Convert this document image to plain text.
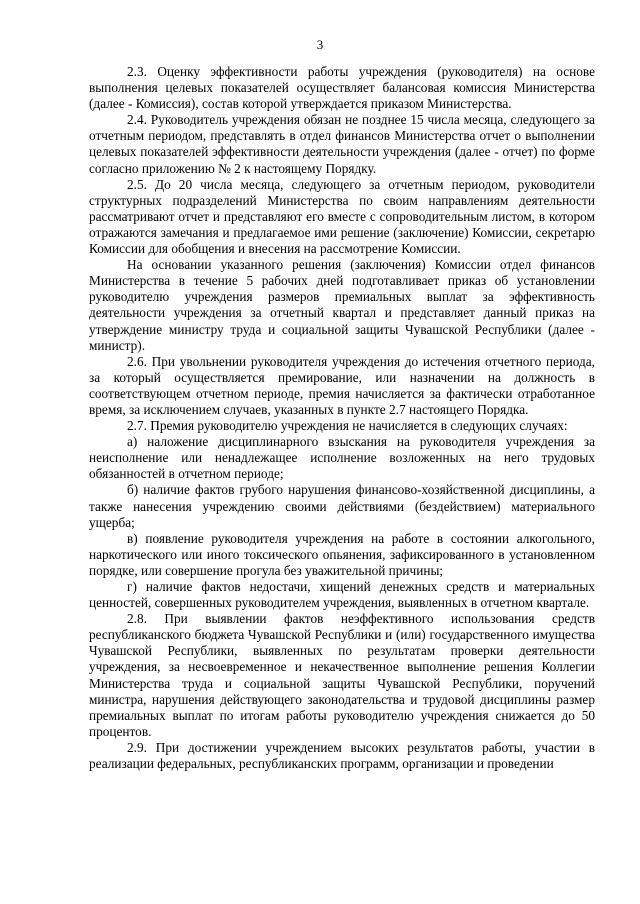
3

2.3. Оценку эффективности работы учреждения (руководителя) на основе выполнения целевых показателей осуществляет балансовая комиссия Министерства (далее - Комиссия), состав которой утверждается приказом Министерства.

2.4. Руководитель учреждения обязан не позднее 15 числа месяца, следующего за отчетным периодом, представлять в отдел финансов Министерства отчет о выполнении целевых показателей эффективности деятельности учреждения (далее - отчет) по форме согласно приложению № 2 к настоящему Порядку.

2.5. До 20 числа месяца, следующего за отчетным периодом, руководители структурных подразделений Министерства по своим направлениям деятельности рассматривают отчет и представляют его вместе с сопроводительным листом, в котором отражаются замечания и предлагаемое ими решение (заключение) Комиссии, секретарю Комиссии для обобщения и внесения на рассмотрение Комиссии.

На основании указанного решения (заключения) Комиссии отдел финансов Министерства в течение 5 рабочих дней подготавливает приказ об установлении руководителю учреждения размеров премиальных выплат за эффективность деятельности учреждения за отчетный квартал и представляет данный приказ на утверждение министру труда и социальной защиты Чувашской Республики (далее - министр).

2.6. При увольнении руководителя учреждения до истечения отчетного периода, за который осуществляется премирование, или назначении на должность в соответствующем отчетном периоде, премия начисляется за фактически отработанное время, за исключением случаев, указанных в пункте 2.7 настоящего Порядка.

2.7. Премия руководителю учреждения не начисляется в следующих случаях:

а) наложение дисциплинарного взыскания на руководителя учреждения за неисполнение или ненадлежащее исполнение возложенных на него трудовых обязанностей в отчетном периоде;

б) наличие фактов грубого нарушения финансово-хозяйственной дисциплины, а также нанесения учреждению своими действиями (бездействием) материального ущерба;

в) появление руководителя учреждения на работе в состоянии алкогольного, наркотического или иного токсического опьянения, зафиксированного в установленном порядке, или совершение прогула без уважительной причины;

г) наличие фактов недостачи, хищений денежных средств и материальных ценностей, совершенных руководителем учреждения, выявленных в отчетном квартале.

2.8. При выявлении фактов неэффективного использования средств республиканского бюджета Чувашской Республики и (или) государственного имущества Чувашской Республики, выявленных по результатам проверки деятельности учреждения, за несвоевременное и некачественное выполнение решения Коллегии Министерства труда и социальной защиты Чувашской Республики, поручений министра, нарушения действующего законодательства и трудовой дисциплины размер премиальных выплат по итогам работы руководителю учреждения снижается до 50 процентов.

2.9. При достижении учреждением высоких результатов работы, участии в реализации федеральных, республиканских программ, организации и проведении
